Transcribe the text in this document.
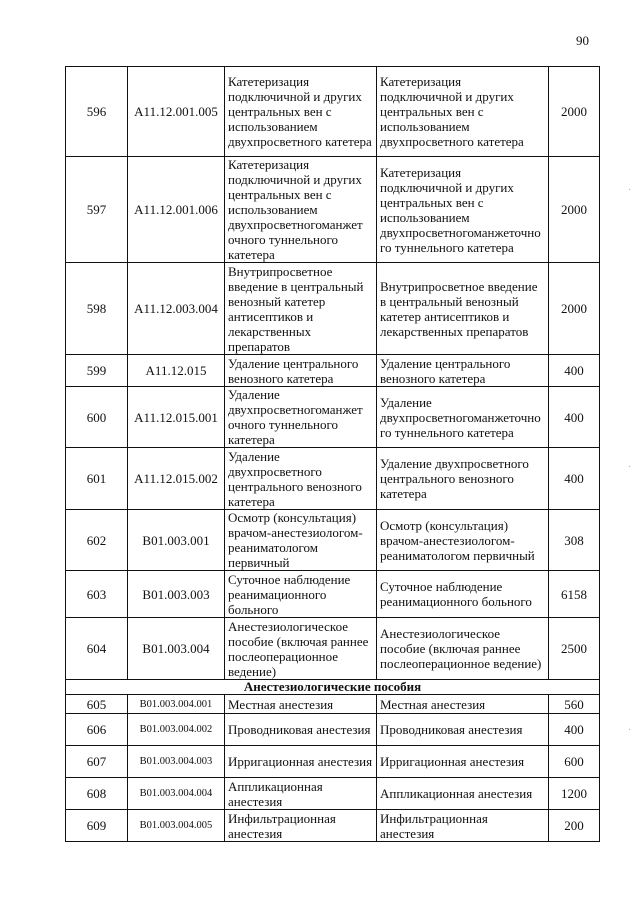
90
596	A11.12.001.005	Катетеризация подключичной и других центральных вен с использованием двухпросветного катетера	Катетеризация подключичной и других центральных вен с использованием двухпросветного катетера	2000
597	A11.12.001.006	Катетеризация подключичной и других центральных вен с использованием двухпросветногоманжет очного туннельного катетера	Катетеризация подключичной и других центральных вен с использованием двухпросветногоманжеточно го туннельного катетера	2000
598	A11.12.003.004	Внутрипросветное введение в центральный венозный катетер антисептиков и лекарственных препаратов	Внутрипросветное введение в центральный венозный катетер антисептиков и лекарственных препаратов	2000
599	A11.12.015	Удаление центрального венозного катетера	Удаление центрального венозного катетера	400
600	A11.12.015.001	Удаление двухпросветногоманжет очного туннельного катетера	Удаление двухпросветногоманжеточно го туннельного катетера	400
601	A11.12.015.002	Удаление двухпросветного центрального венозного катетера	Удаление двухпросветного центрального венозного катетера	400
602	B01.003.001	Осмотр (консультация) врачом-анестезиологом-реаниматологом первичный	Осмотр (консультация) врачом-анестезиологом-реаниматологом первичный	308
603	B01.003.003	Суточное наблюдение реанимационного больного	Суточное наблюдение реанимационного больного	6158
604	B01.003.004	Анестезиологическое пособие (включая раннее послеоперационное ведение)	Анестезиологическое пособие (включая раннее послеоперационное ведение)	2500
Анестезиологические пособия				
605	B01.003.004.001	Местная анестезия	Местная анестезия	560
606	B01.003.004.002	Проводниковая анестезия	Проводниковая анестезия	400
607	B01.003.004.003	Ирригационная анестезия	Ирригационная анестезия	600
608	B01.003.004.004	Аппликационная анестезия	Аппликационная анестезия	1200
609	B01.003.004.005	Инфильтрационная анестезия	Инфильтрационная анестезия	200
·
·
·
